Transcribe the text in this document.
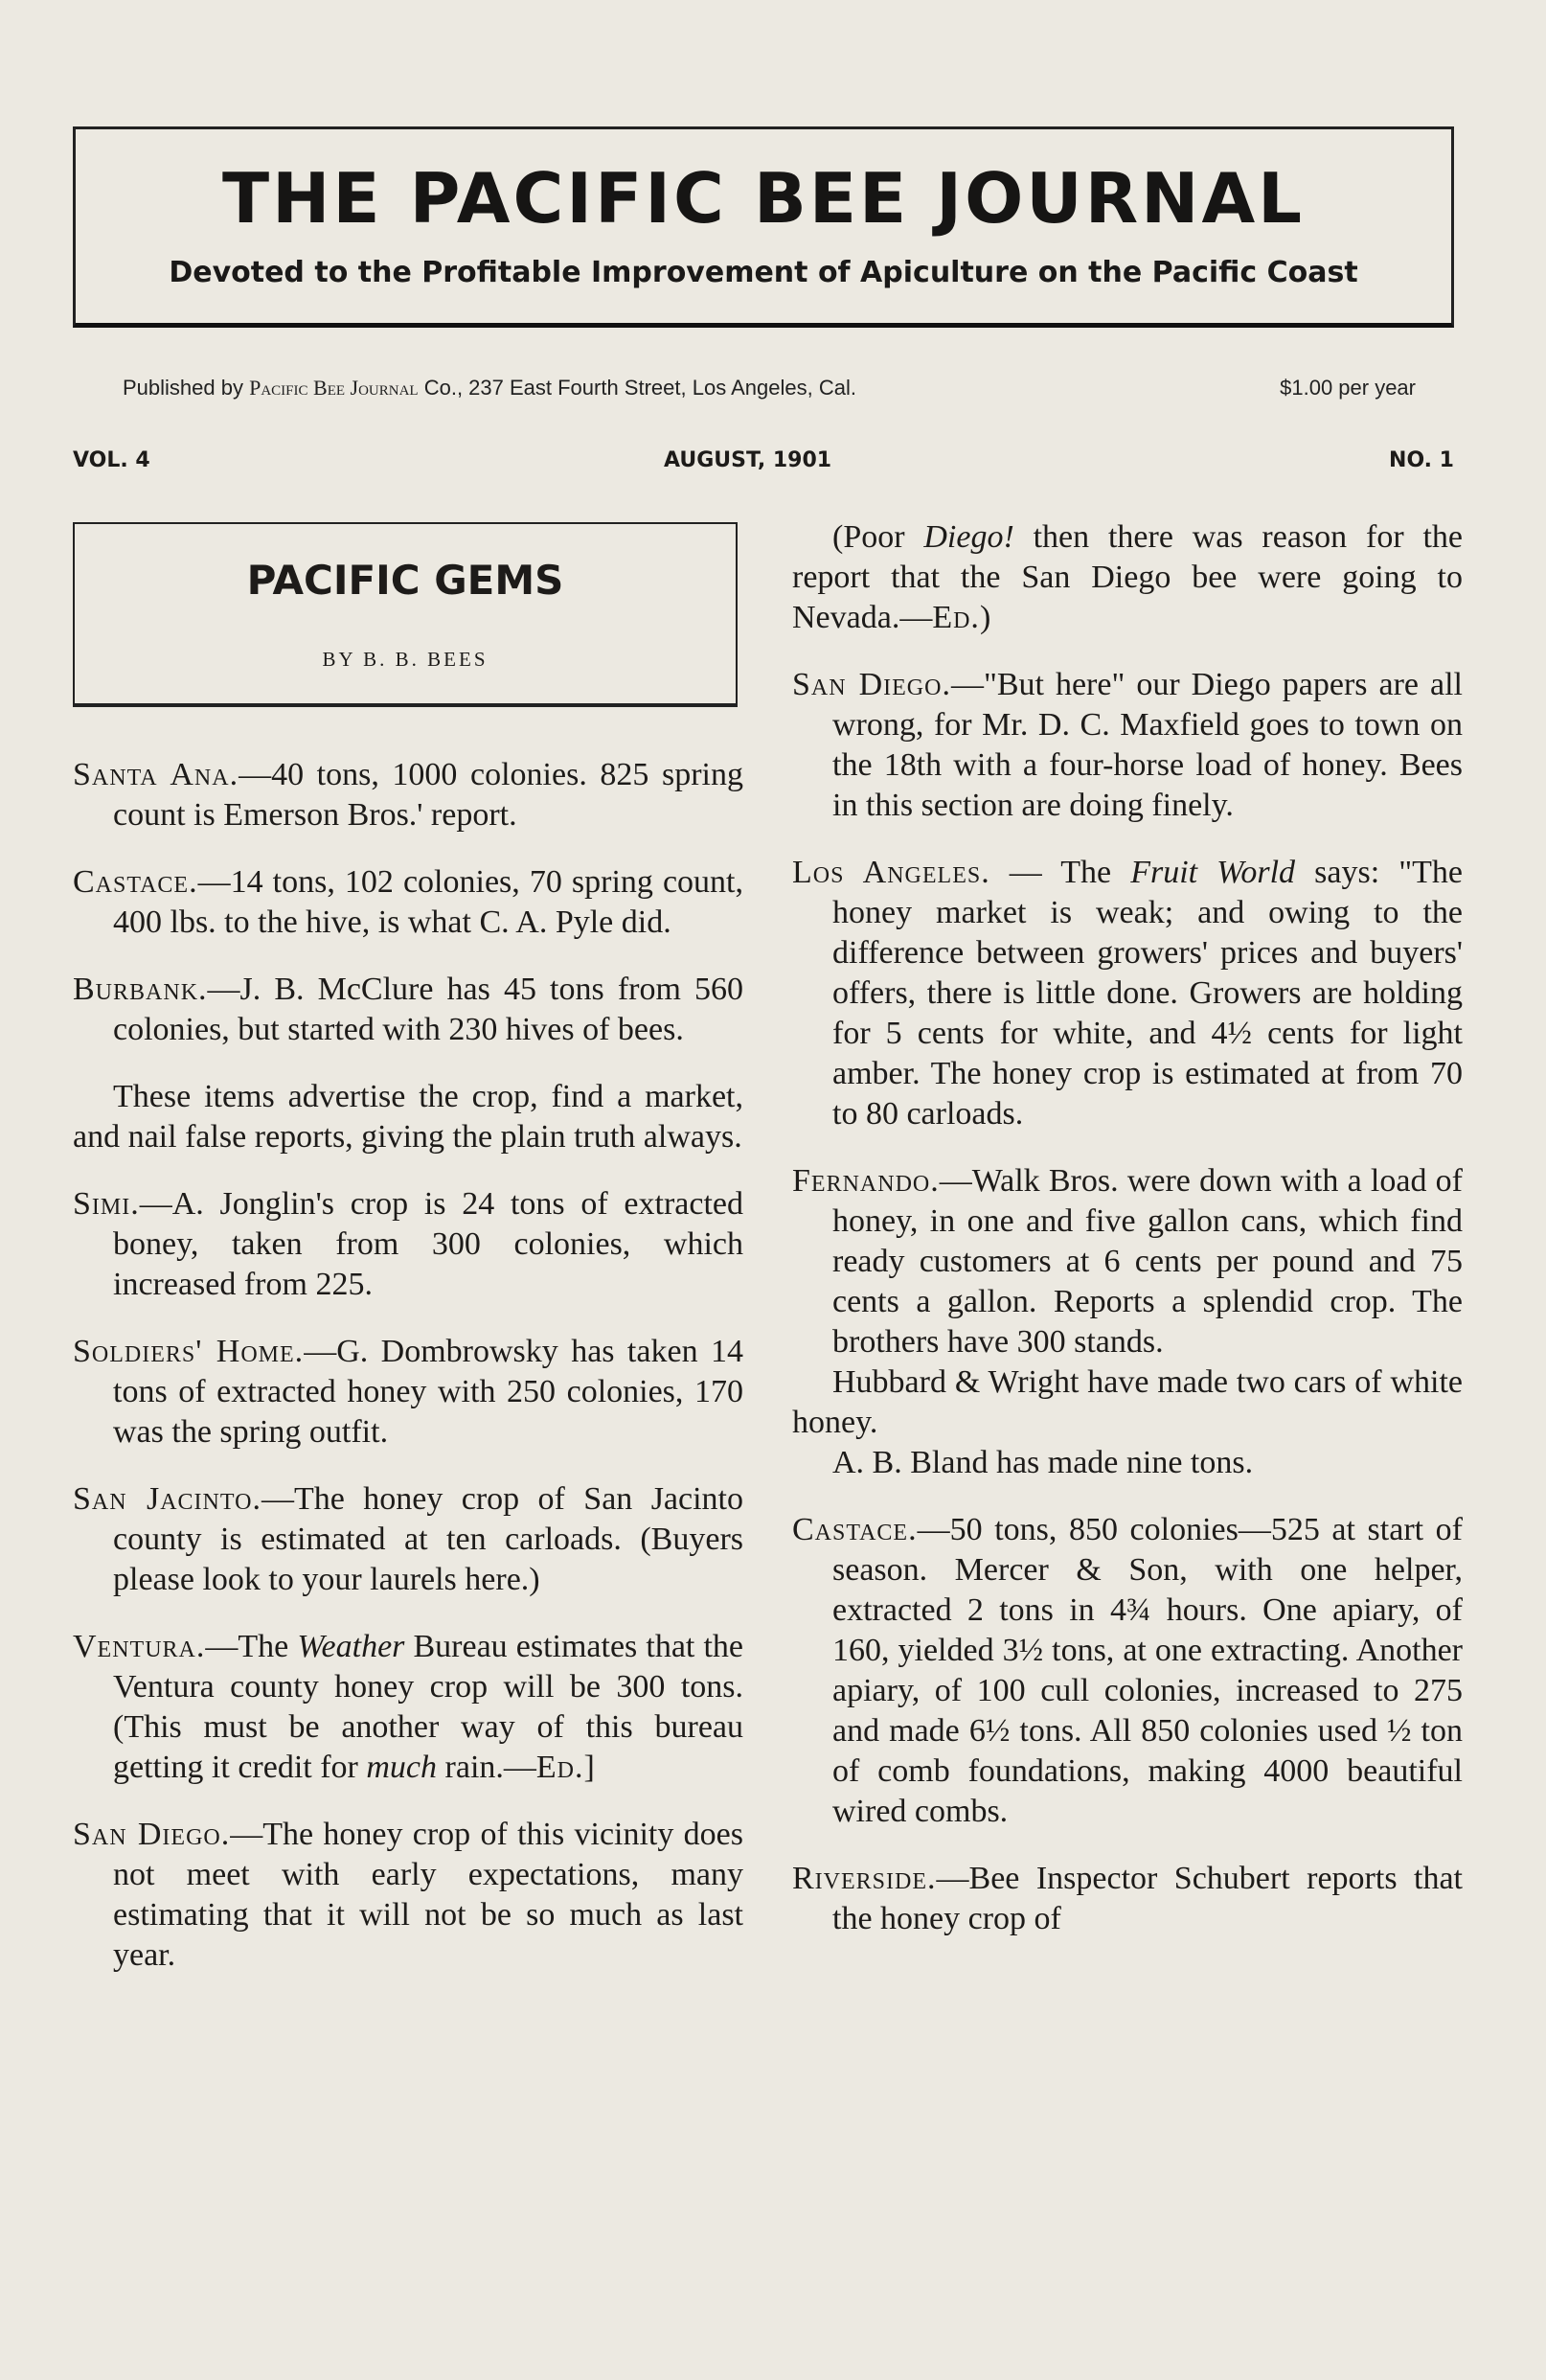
THE PACIFIC BEE JOURNAL
Devoted to the Profitable Improvement of Apiculture on the Pacific Coast
Published by Pacific Bee Journal Co., 237 East Fourth Street, Los Angeles, Cal.	$1.00 per year
VOL. 4	AUGUST, 1901	NO. 1
PACIFIC GEMS
BY B. B. BEES

Santa Ana.—40 tons, 1000 colonies. 825 spring count is Emerson Bros.' report.

Castace.—14 tons, 102 colonies, 70 spring count, 400 lbs. to the hive, is what C. A. Pyle did.

Burbank.—J. B. McClure has 45 tons from 560 colonies, but started with 230 hives of bees.

These items advertise the crop, find a market, and nail false reports, giving the plain truth always.

Simi.—A. Jonglin's crop is 24 tons of extracted boney, taken from 300 colonies, which increased from 225.

Soldiers' Home.—G. Dombrowsky has taken 14 tons of extracted honey with 250 colonies, 170 was the spring outfit.

San Jacinto.—The honey crop of San Jacinto county is estimated at ten carloads. (Buyers please look to your laurels here.)

Ventura.—The Weather Bureau estimates that the Ventura county honey crop will be 300 tons. (This must be another way of this bureau getting it credit for much rain.—Ed.]

San Diego.—The honey crop of this vicinity does not meet with early expectations, many estimating that it will not be so much as last year.

(Poor Diego! then there was reason for the report that the San Diego bee were going to Nevada.—Ed.)

San Diego.—"But here" our Diego papers are all wrong, for Mr. D. C. Maxfield goes to town on the 18th with a four-horse load of honey. Bees in this section are doing finely.

Los Angeles. — The Fruit World says: "The honey market is weak; and owing to the difference between growers' prices and buyers' offers, there is little done. Growers are holding for 5 cents for white, and 4½ cents for light amber. The honey crop is estimated at from 70 to 80 carloads.

Fernando.—Walk Bros. were down with a load of honey, in one and five gallon cans, which find ready customers at 6 cents per pound and 75 cents a gallon. Reports a splendid crop. The brothers have 300 stands.

Hubbard & Wright have made two cars of white honey.

A. B. Bland has made nine tons.

Castace.—50 tons, 850 colonies—525 at start of season. Mercer & Son, with one helper, extracted 2 tons in 4¾ hours. One apiary, of 160, yielded 3½ tons, at one extracting. Another apiary, of 100 cull colonies, increased to 275 and made 6½ tons. All 850 colonies used ½ ton of comb foundations, making 4000 beautiful wired combs.

Riverside.—Bee Inspector Schubert reports that the honey crop of
